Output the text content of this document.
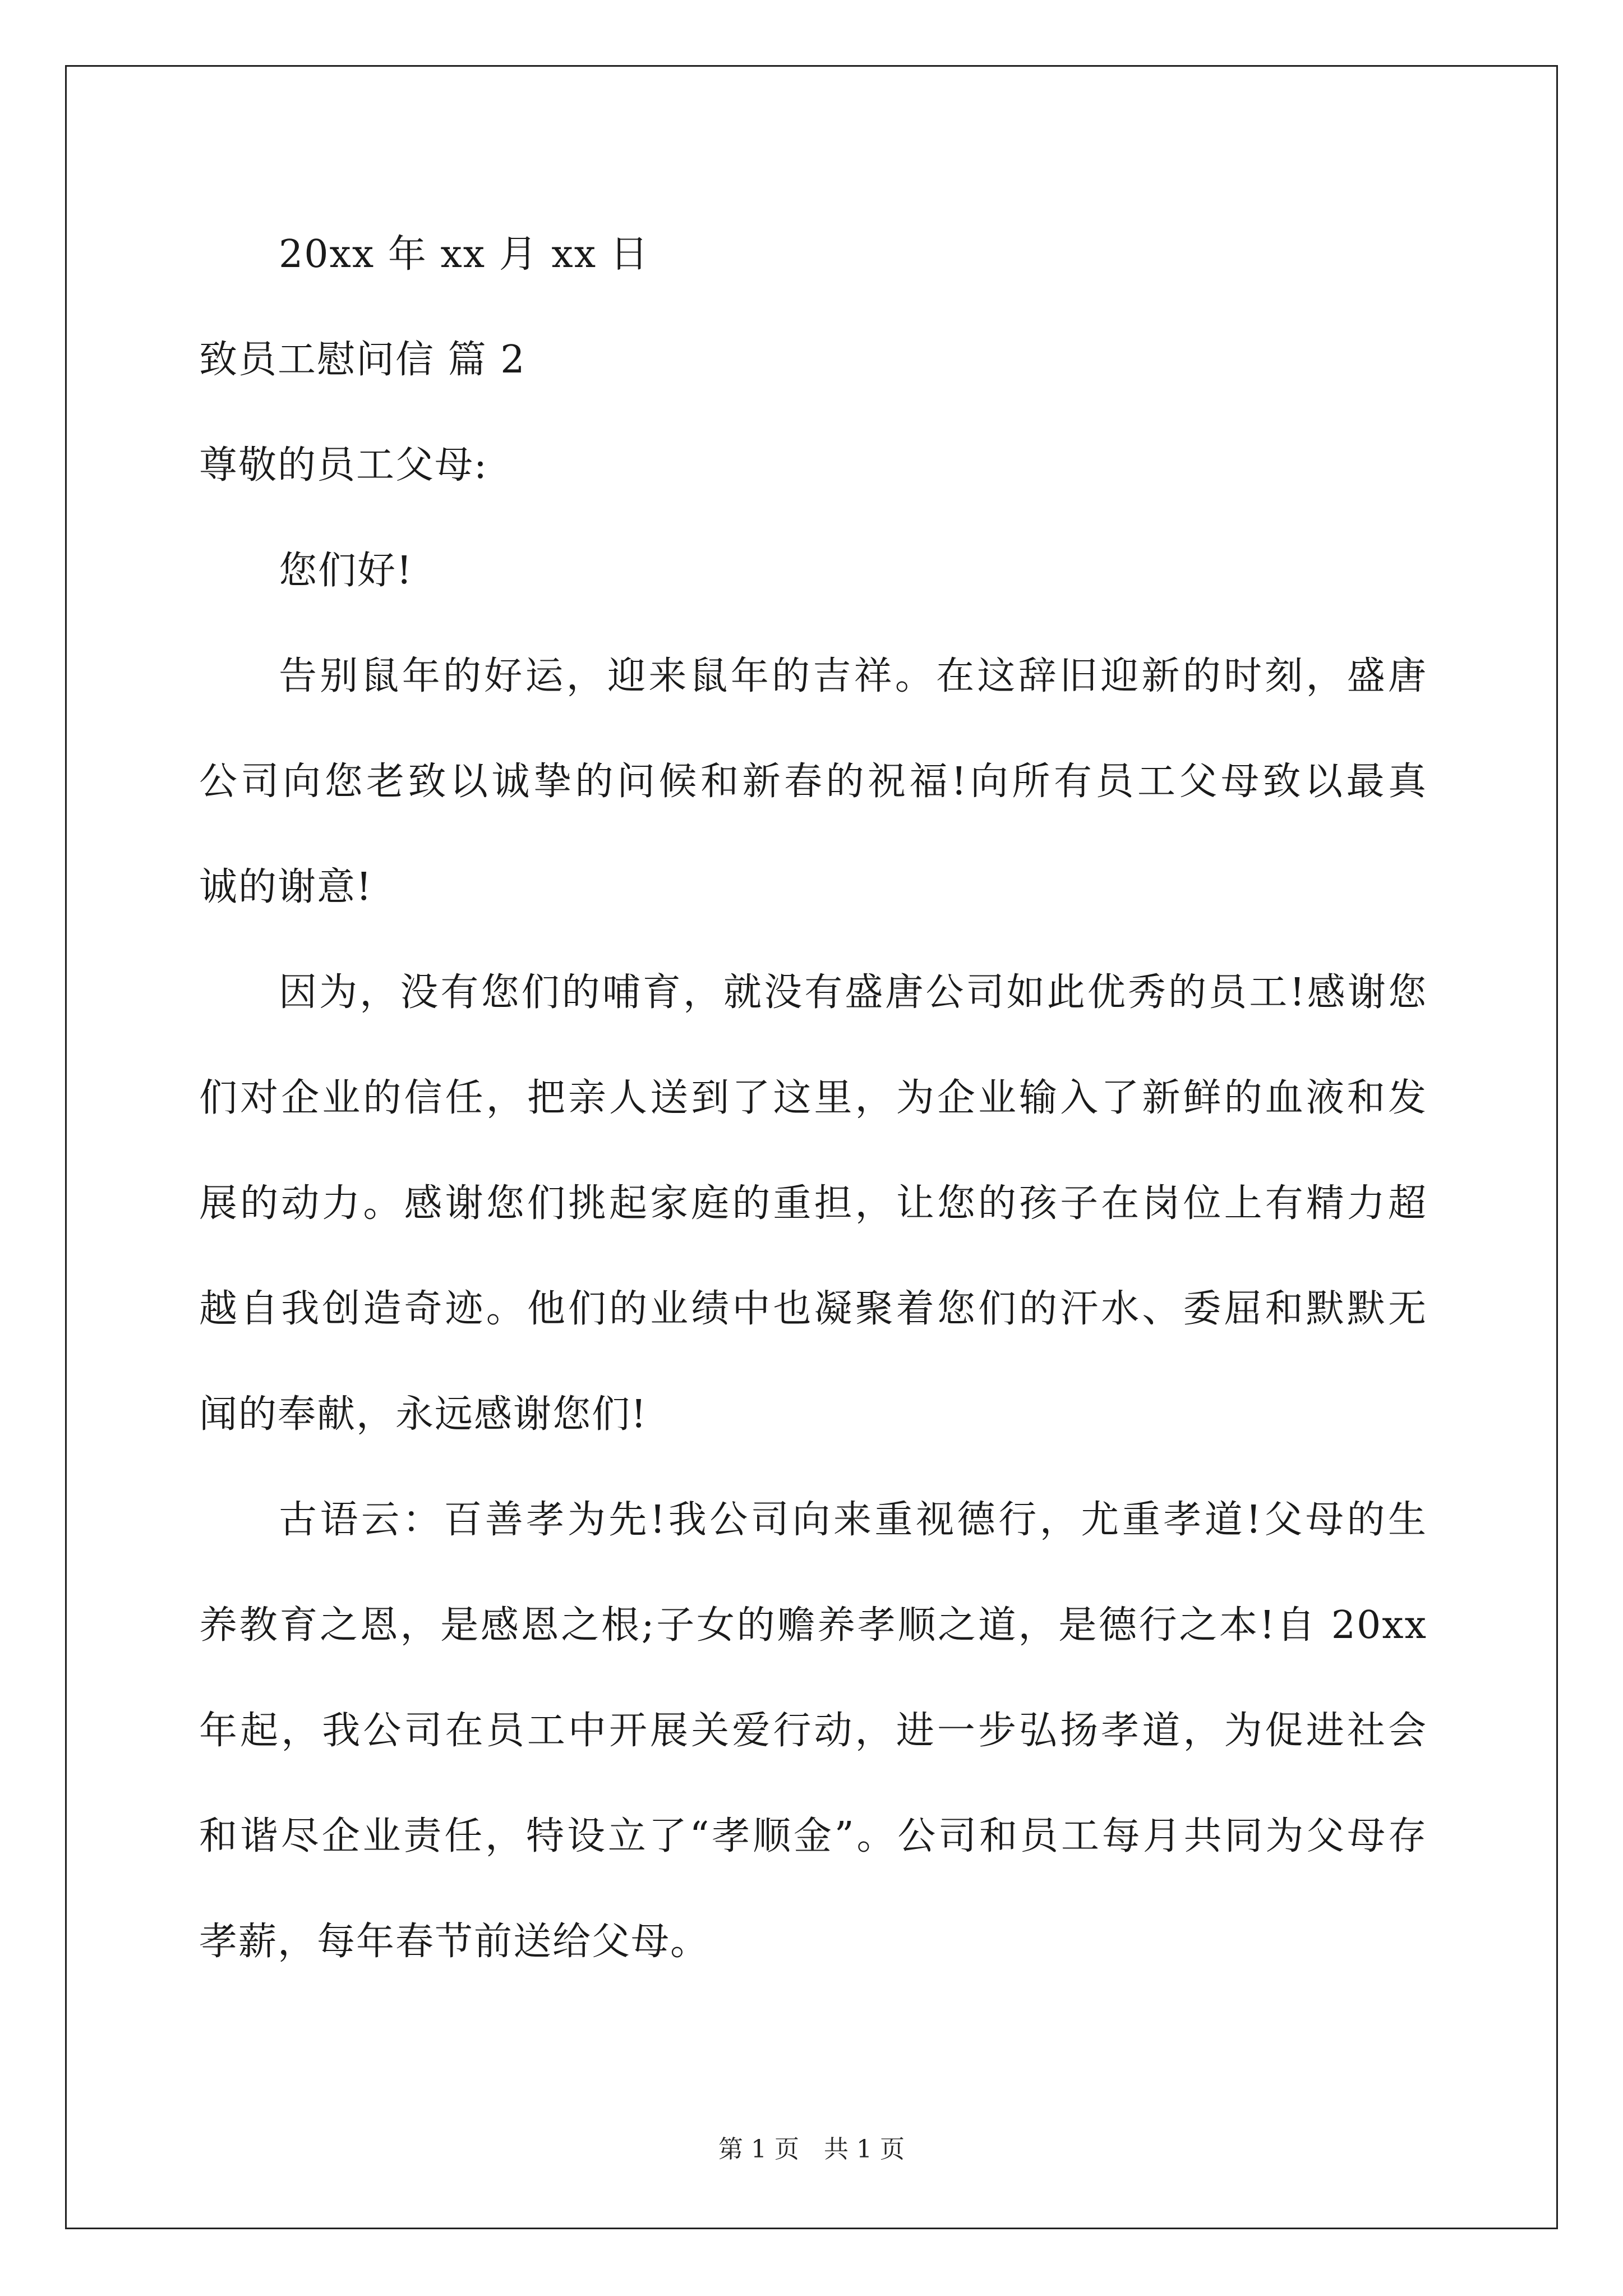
20xx 年 xx 月 xx 日
致员工慰问信 篇 2
尊敬的员工父母:
您们好!
告别鼠年的好运，迎来鼠年的吉祥。在这辞旧迎新的时刻，盛唐
公司向您老致以诚挚的问候和新春的祝福!向所有员工父母致以最真
诚的谢意!
因为，没有您们的哺育，就没有盛唐公司如此优秀的员工!感谢您
们对企业的信任，把亲人送到了这里，为企业输入了新鲜的血液和发
展的动力。感谢您们挑起家庭的重担，让您的孩子在岗位上有精力超
越自我创造奇迹。他们的业绩中也凝聚着您们的汗水、委屈和默默无
闻的奉献，永远感谢您们!
古语云：百善孝为先!我公司向来重视德行，尤重孝道!父母的生
养教育之恩，是感恩之根;子女的赡养孝顺之道，是德行之本!自 20xx
年起，我公司在员工中开展关爱行动，进一步弘扬孝道，为促进社会
和谐尽企业责任，特设立了“孝顺金”。公司和员工每月共同为父母存
孝薪，每年春节前送给父母。
第 1 页　共 1 页
